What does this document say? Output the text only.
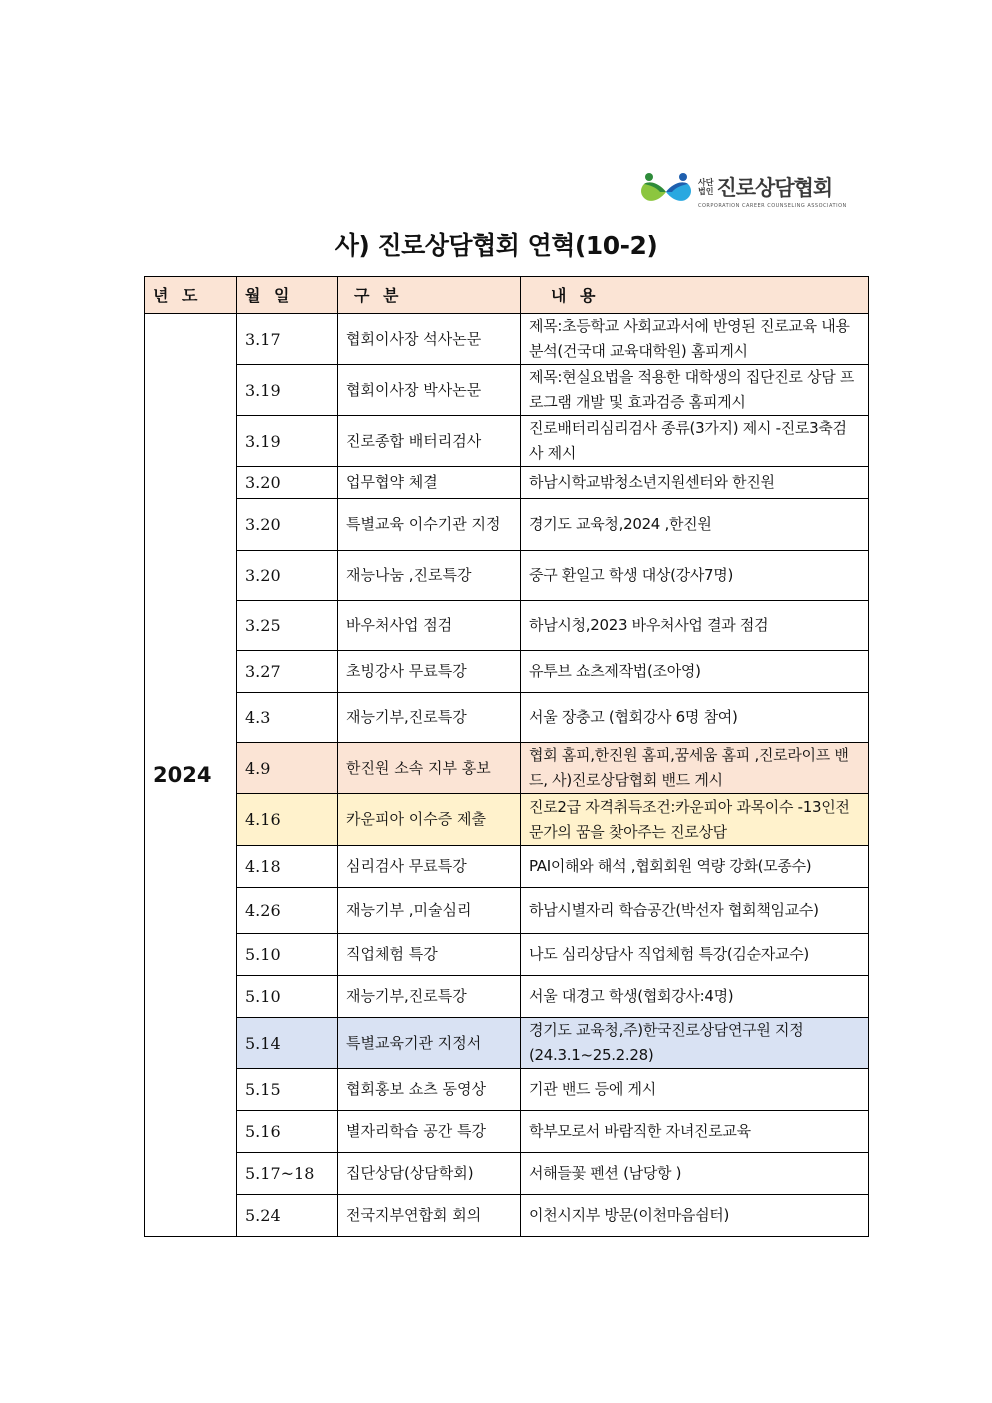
사단
법인 진로상담협회
CORPORATION CAREER COUNSELING ASSOCIATION
사) 진로상담협회 연혁(10-2)
년 도	월 일	구 분	내 용
2024	3.17	협회이사장 석사논문	제목:초등학교 사회교과서에 반영된 진로교육 내용분석(건국대 교육대학원) 홈피게시
	3.19	협회이사장 박사논문	제목:현실요법을 적용한 대학생의 집단진로 상담 프로그램 개발 및 효과검증 홈피게시
	3.19	진로종합 배터리검사	진로배터리심리검사 종류(3가지) 제시 -진로3축검사 제시
	3.20	업무협약 체결	하남시학교밖청소년지원센터와 한진원
	3.20	특별교육 이수기관 지정	경기도 교육청,2024 ,한진원
	3.20	재능나눔 ,진로특강	중구 환일고 학생 대상(강사7명)
	3.25	바우처사업 점검	하남시청,2023 바우처사업 결과 점검
	3.27	초빙강사 무료특강	유투브 쇼츠제작법(조아영)
	4.3	재능기부,진로특강	서울 장충고 (협회강사 6명 참여)
	4.9	한진원 소속 지부 홍보	협회 홈피,한진원 홈피,꿈세움 홈피 ,진로라이프 밴드, 사)진로상담협회 밴드 게시
	4.16	카운피아 이수증 제출	진로2급 자격취득조건:카운피아 과목이수 -13인전문가의 꿈을 찾아주는 진로상담
	4.18	심리검사 무료특강	PAI이해와 해석 ,협회회원 역량 강화(모종수)
	4.26	재능기부 ,미술심리	하남시별자리 학습공간(박선자 협회책임교수)
	5.10	직업체험 특강	나도 심리상담사 직업체험 특강(김순자교수)
	5.10	재능기부,진로특강	서울 대경고 학생(협회강사:4명)
	5.14	특별교육기관 지정서	경기도 교육청,주)한국진로상담연구원 지정 (24.3.1~25.2.28)
	5.15	협회홍보 쇼츠 동영상	기관 밴드 등에 게시
	5.16	별자리학습 공간 특강	학부모로서 바람직한 자녀진로교육
	5.17~18	집단상담(상담학회)	서해들꽃 펜션 (남당항 )
	5.24	전국지부연합회 회의	이천시지부 방문(이천마음쉼터)
